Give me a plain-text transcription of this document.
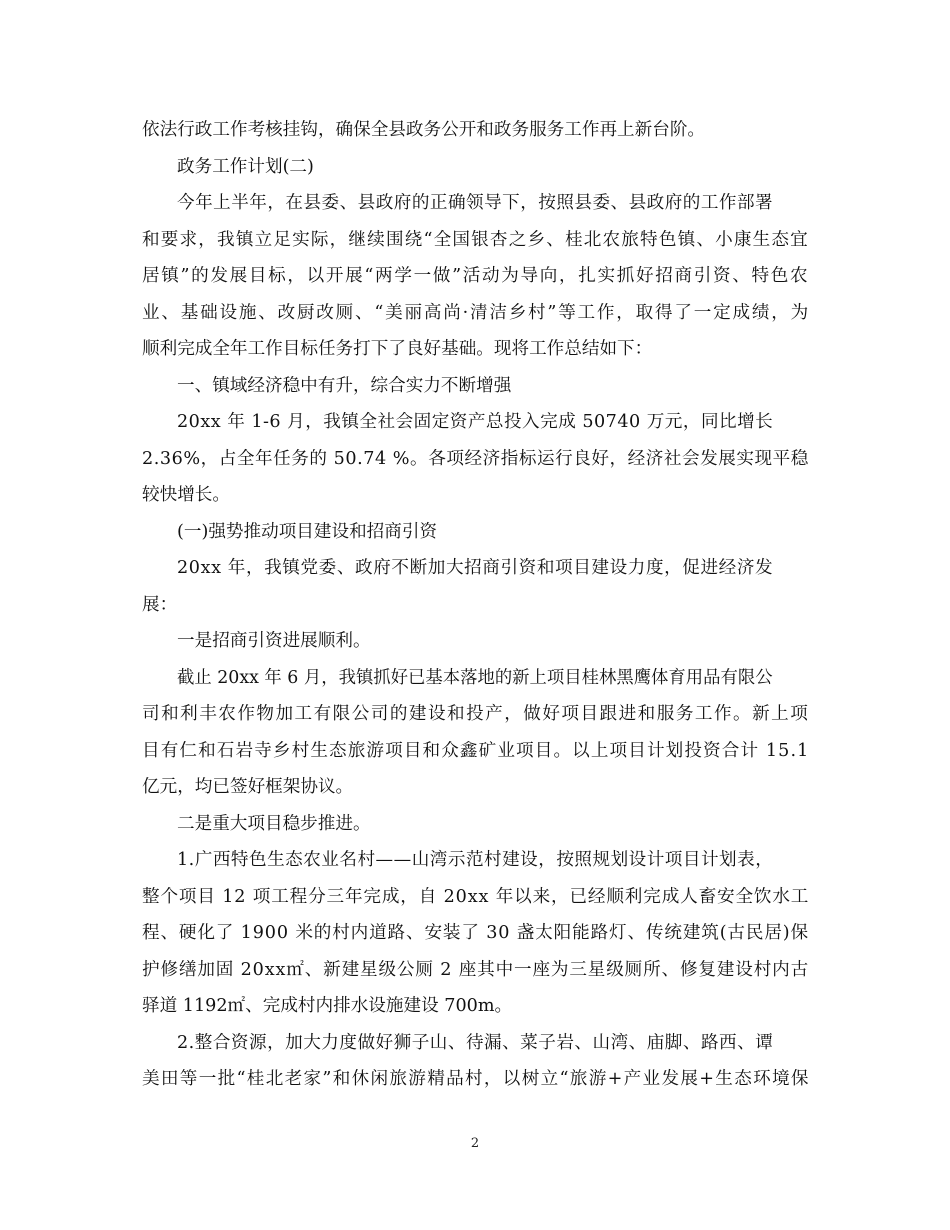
依法行政工作考核挂钩，确保全县政务公开和政务服务工作再上新台阶。
政务工作计划(二)
今年上半年，在县委、县政府的正确领导下，按照县委、县政府的工作部署
和要求，我镇立足实际，继续围绕“全国银杏之乡、桂北农旅特色镇、小康生态宜
居镇”的发展目标，以开展“两学一做”活动为导向，扎实抓好招商引资、特色农
业、基础设施、改厨改厕、“美丽高尚·清洁乡村”等工作，取得了一定成绩，为
顺利完成全年工作目标任务打下了良好基础。现将工作总结如下：
一、镇域经济稳中有升，综合实力不断增强
20xx 年 1-6 月，我镇全社会固定资产总投入完成 50740 万元，同比增长
2.36%，占全年任务的 50.74 %。各项经济指标运行良好，经济社会发展实现平稳
较快增长。
(一)强势推动项目建设和招商引资
20xx 年，我镇党委、政府不断加大招商引资和项目建设力度，促进经济发
展：
一是招商引资进展顺利。
截止 20xx 年 6 月，我镇抓好已基本落地的新上项目桂林黑鹰体育用品有限公
司和利丰农作物加工有限公司的建设和投产，做好项目跟进和服务工作。新上项
目有仁和石岩寺乡村生态旅游项目和众鑫矿业项目。以上项目计划投资合计 15.1
亿元，均已签好框架协议。
二是重大项目稳步推进。
1.广西特色生态农业名村——山湾示范村建设，按照规划设计项目计划表，
整个项目 12 项工程分三年完成，自 20xx 年以来，已经顺利完成人畜安全饮水工
程、硬化了 1900 米的村内道路、安装了 30 盏太阳能路灯、传统建筑(古民居)保
护修缮加固 20xx㎡、新建星级公厕 2 座其中一座为三星级厕所、修复建设村内古
驿道 1192㎡、完成村内排水设施建设 700m。
2.整合资源，加大力度做好狮子山、待漏、菜子岩、山湾、庙脚、路西、谭
美田等一批“桂北老家”和休闲旅游精品村，以树立“旅游+产业发展+生态环境保
2
